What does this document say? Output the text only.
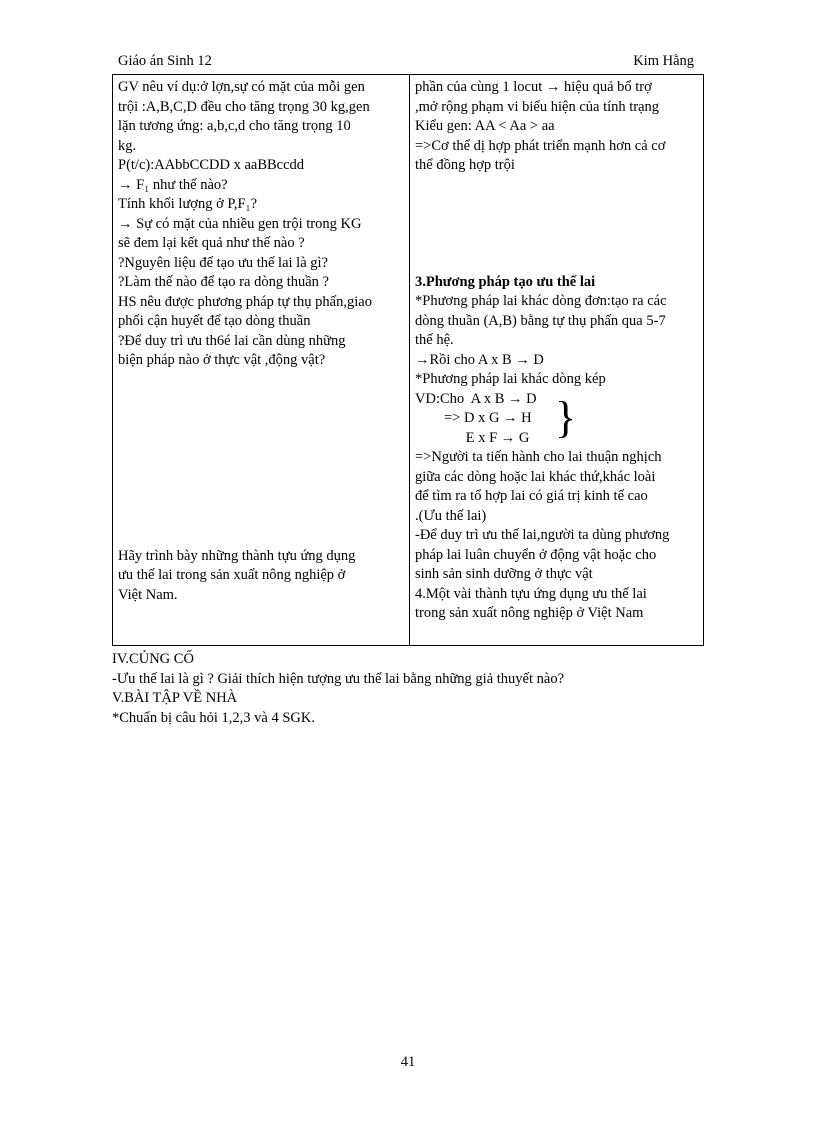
Giáo án Sinh 12	Kim Hằng
GV nêu ví dụ:ở lợn,sự có mặt của mỗi gen
trội :A,B,C,D đều cho tăng trọng 30 kg,gen
lặn tương ứng: a,b,c,d cho tăng trọng 10
kg.
P(t/c):AAbbCCDD x aaBBccdd
→ F₁ như thế nào?
Tính khối lượng ở P,F₁?
→ Sự có mặt của nhiều gen trội trong KG
sẽ đem lại kết quả như thế nào ?
?Nguyên liệu để tạo ưu thế lai là gì?
?Làm thế nào để tạo ra dòng thuần ?
HS nêu được phương pháp tự thụ phấn,giao
phối cận huyết để tạo dòng thuần
?Để duy trì ưu th6é lai cần dùng những
biện pháp nào ở thực vật ,động vật?
Hãy trình bày những thành tựu ứng dụng
ưu thế lai trong sản xuất nông nghiệp ở
Việt Nam.
phần của cùng 1 locut → hiệu quả bổ trợ
,mở rộng phạm vi biểu hiện của tính trạng
Kiểu gen: AA < Aa > aa
=>Cơ thể dị hợp phát triển mạnh hơn cả cơ
thể đồng hợp trội
3.Phương pháp tạo ưu thế lai
*Phương pháp lai khác dòng đơn:tạo ra các
dòng thuần (A,B) bằng tự thụ phấn qua 5-7
thế hệ.
→Rồi cho A x B → D
*Phương pháp lai khác dòng kép
VD:Cho  A x B → D
=> D x G → H
E x F → G }
=>Người ta tiến hành cho lai thuận nghịch
giữa các dòng hoặc lai khác thứ,khác loài
để tìm ra tổ hợp lai có giá trị kinh tế cao
.(Ưu thế lai)
-Để duy trì ưu thế lai,người ta dùng phương
pháp lai luân chuyển ở động vật hoặc cho
sinh sản sinh dưỡng ở thực vật
4.Một vài thành tựu ứng dụng ưu thế lai
trong sản xuất nông nghiệp ở Việt Nam
IV.CỦNG CỐ
-Ưu thế lai là gì ? Giải thích hiện tượng ưu thế lai bằng những giả thuyết nào?
V.BÀI TẬP VỀ NHÀ
*Chuẩn bị câu hỏi 1,2,3 và 4 SGK.
41
